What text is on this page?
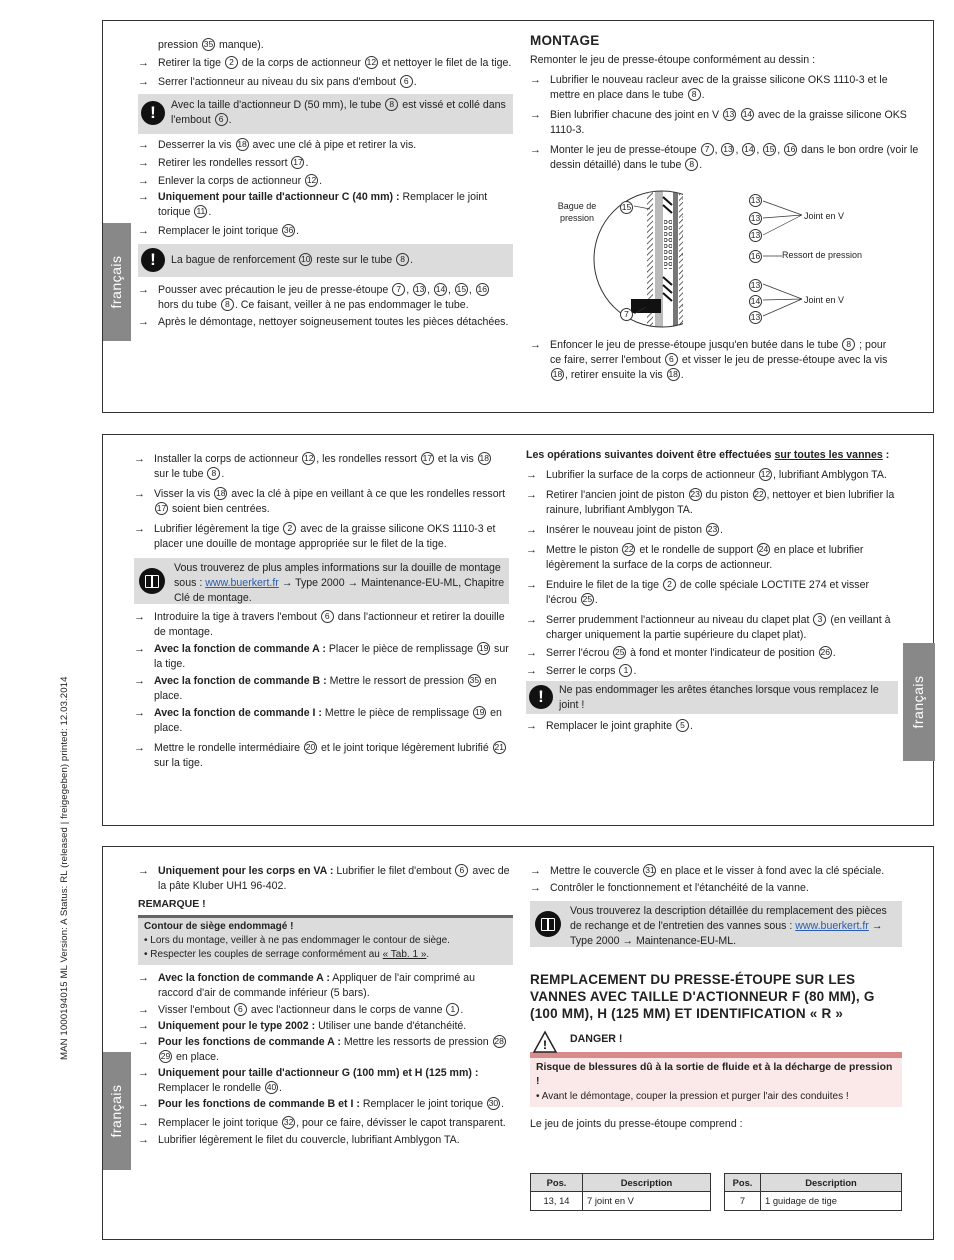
MAN 1000194015 ML Version: A Status: RL (released | freigegeben) printed: 12.03.2014
français
pression 35 manque).
→ Retirer la tige 2 de la corps de actionneur 12 et nettoyer le filet de la tige.
→ Serrer l'actionneur au niveau du six pans d'embout 6 .
!	Avec la taille d'actionneur D (50 mm), le tube 8 est vissé et collé dans l'embout 6 .
→ Desserrer la vis 18 avec une clé à pipe et retirer la vis.
→ Retirer les rondelles ressort 17 .
→ Enlever la corps de actionneur 12 .
→ Uniquement pour taille d'actionneur C (40 mm) : Remplacer le joint torique 11 .
→ Remplacer le joint torique 36 .
!	La bague de renforcement 10 reste sur le tube 8 .
→ Pousser avec précaution le jeu de presse-étoupe 7 , 13 , 14 , 15 , 16 hors du tube 8 . Ce faisant, veiller à ne pas endommager le tube.
→ Après le démontage, nettoyer soigneusement toutes les pièces détachées.
MONTAGE
Remonter le jeu de presse-étoupe conformément au dessin :
→ Lubrifier le nouveau racleur avec de la graisse silicone OKS 1110-3 et le mettre en place dans le tube 8 .
→ Bien lubrifier chacune des joint en V 13 14 avec de la graisse silicone OKS 1110-3.
→ Monter le jeu de presse-étoupe 7 , 13 , 14 , 15 , 16 dans le bon ordre (voir le dessin détaillé) dans le tube 8 .
Bague de pression
15
7
13
13
13
16
13
14
13
Joint en V
Ressort de pression
Joint en V
→ Enfoncer le jeu de presse-étoupe jusqu'en butée dans le tube 8 ; pour ce faire, serrer l'embout 6 et visser le jeu de presse-étoupe avec la vis 18 , retirer ensuite la vis 18 .
français
→ Installer la corps de actionneur 12 , les rondelles ressort 17 et la vis 18 sur le tube 8 .
→ Visser la vis 18 avec la clé à pipe en veillant à ce que les rondelles ressort 17 soient bien centrées.
→ Lubrifier légèrement la tige 2 avec de la graisse silicone OKS 1110-3 et placer une douille de montage appropriée sur le filet de la tige.
Vous trouverez de plus amples informations sur la douille de montage sous : www.buerkert.fr → Type 2000 → Maintenance-EU-ML, Chapitre Clé de montage.
→ Introduire la tige à travers l'embout 6 dans l'actionneur et retirer la douille de montage.
→ Avec la fonction de commande A : Placer le pièce de remplissage 19 sur la tige.
→ Avec la fonction de commande B : Mettre le ressort de pression 35 en place.
→ Avec la fonction de commande I : Mettre le pièce de remplissage 19 en place.
→ Mettre le rondelle intermédiaire 20 et le joint torique légèrement lubrifié 21 sur la tige.
Les opérations suivantes doivent être effectuées sur toutes les vannes :
→ Lubrifier la surface de la corps de actionneur 12 , lubrifiant Amblygon TA.
→ Retirer l'ancien joint de piston 23 du piston 22 , nettoyer et bien lubrifier la rainure, lubrifiant Amblygon TA.
→ Insérer le nouveau joint de piston 23 .
→ Mettre le piston 22 et le rondelle de support 24 en place et lubrifier légèrement la surface de la corps de actionneur.
→ Enduire le filet de la tige 2 de colle spéciale LOCTITE 274 et visser l'écrou 25 .
→ Serrer prudemment l'actionneur au niveau du clapet plat 3 (en veillant à charger uniquement la partie supérieure du clapet plat).
→ Serrer l'écrou 25 à fond et monter l'indicateur de position 26 .
→ Serrer le corps 1 .
!	Ne pas endommager les arêtes étanches lorsque vous remplacez le joint !
→ Remplacer le joint graphite 5 .
français
→ Uniquement pour les corps en VA : Lubrifier le filet d'embout 6 avec de la pâte Kluber UH1 96-402.
REMARQUE !
Contour de siège endommagé !
• Lors du montage, veiller à ne pas endommager le contour de siège.
• Respecter les couples de serrage conformément au « Tab. 1 ».
→ Avec la fonction de commande A : Appliquer de l'air comprimé au raccord d'air de commande inférieur (5 bars).
→ Visser l'embout 6 avec l'actionneur dans le corps de vanne 1 .
→ Uniquement pour le type 2002 : Utiliser une bande d'étanchéité.
→ Pour les fonctions de commande A : Mettre les ressorts de pression 28 29 en place.
→ Uniquement pour taille d'actionneur G (100 mm) et H (125 mm) : Remplacer le rondelle 40 .
→ Pour les fonctions de commande B et I : Remplacer le joint torique 30 .
→ Remplacer le joint torique 32 , pour ce faire, dévisser le capot transparent.
→ Lubrifier légèrement le filet du couvercle, lubrifiant Amblygon TA.
→ Mettre le couvercle 31 en place et le visser à fond avec la clé spéciale.
→ Contrôler le fonctionnement et l'étanchéité de la vanne.
Vous trouverez la description détaillée du remplacement des pièces de rechange et de l'entretien des vannes sous : www.buerkert.fr → Type 2000 → Maintenance-EU-ML.
REMPLACEMENT DU PRESSE-ÉTOUPE SUR LES VANNES AVEC TAILLE D'ACTIONNEUR F (80 MM), G (100 MM), H (125 MM) ET IDENTIFICATION « R »
! DANGER !
Risque de blessures dû à la sortie de fluide et à la décharge de pression !
• Avant le démontage, couper la pression et purger l'air des conduites !
Le jeu de joints du presse-étoupe comprend :
Pos.	Description
13, 14	7 joint en V
Pos.	Description
7	1 guidage de tige
